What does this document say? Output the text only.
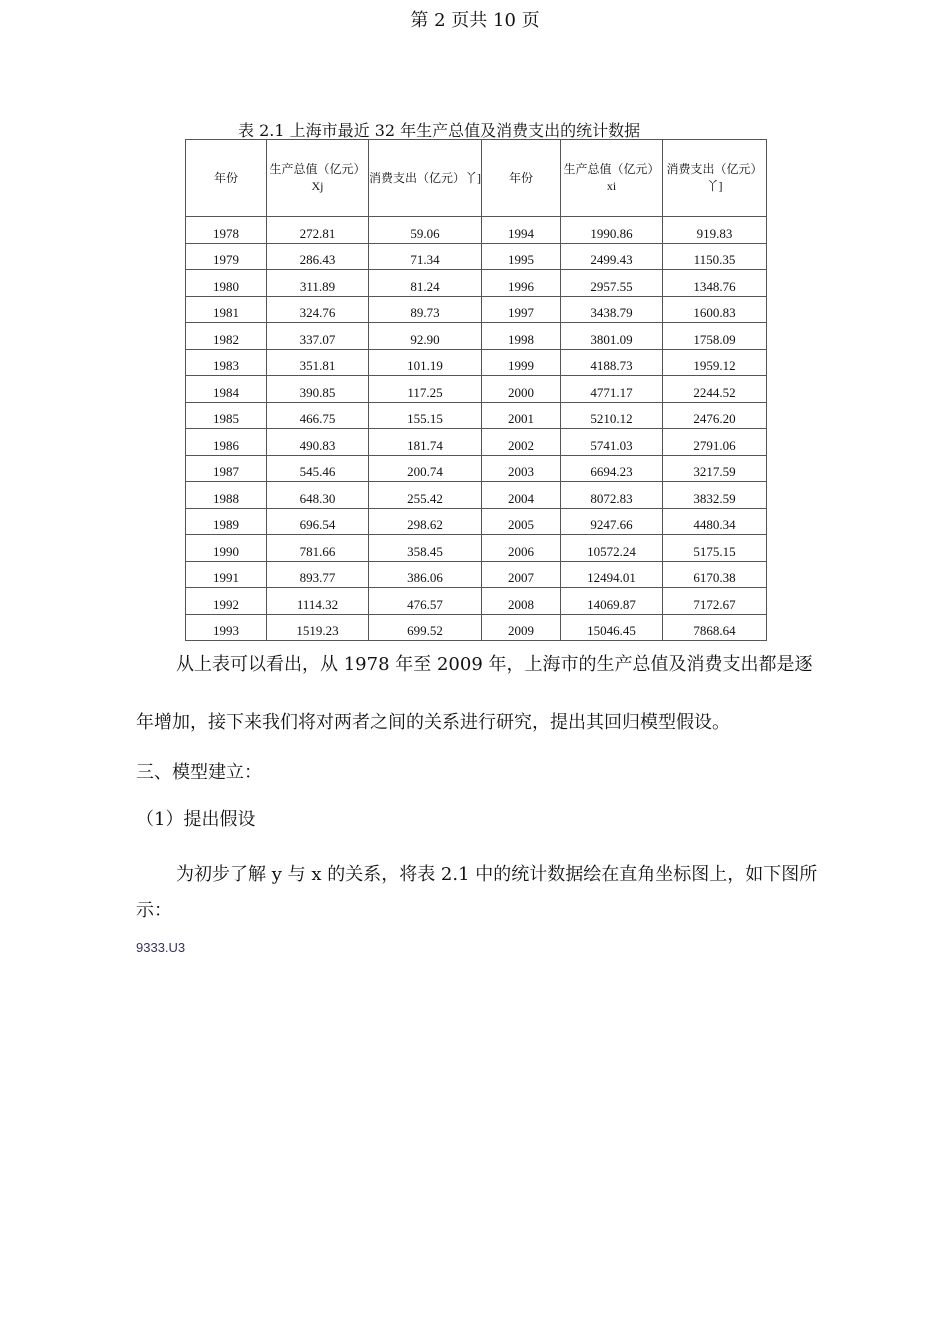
第 2 页共 10 页
表 2.1 上海市最近 32 年生产总值及消费支出的统计数据
年份	生产总值（亿元）Xj	消费支出（亿元）丫]	年份	生产总值（亿元）xi	消费支出（亿元）丫]
1978	272.81	59.06	1994	1990.86	919.83
1979	286.43	71.34	1995	2499.43	1150.35
1980	311.89	81.24	1996	2957.55	1348.76
1981	324.76	89.73	1997	3438.79	1600.83
1982	337.07	92.90	1998	3801.09	1758.09
1983	351.81	101.19	1999	4188.73	1959.12
1984	390.85	117.25	2000	4771.17	2244.52
1985	466.75	155.15	2001	5210.12	2476.20
1986	490.83	181.74	2002	5741.03	2791.06
1987	545.46	200.74	2003	6694.23	3217.59
1988	648.30	255.42	2004	8072.83	3832.59
1989	696.54	298.62	2005	9247.66	4480.34
1990	781.66	358.45	2006	10572.24	5175.15
1991	893.77	386.06	2007	12494.01	6170.38
1992	1114.32	476.57	2008	14069.87	7172.67
1993	1519.23	699.52	2009	15046.45	7868.64
从上表可以看出，从 1978 年至 2009 年，上海市的生产总值及消费支出都是逐
年增加，接下来我们将对两者之间的关系进行研究，提出其回归模型假设。
三、模型建立：
（1）提出假设
为初步了解 y 与 x 的关系，将表 2.1 中的统计数据绘在直角坐标图上，如下图所示：
9333.U3
